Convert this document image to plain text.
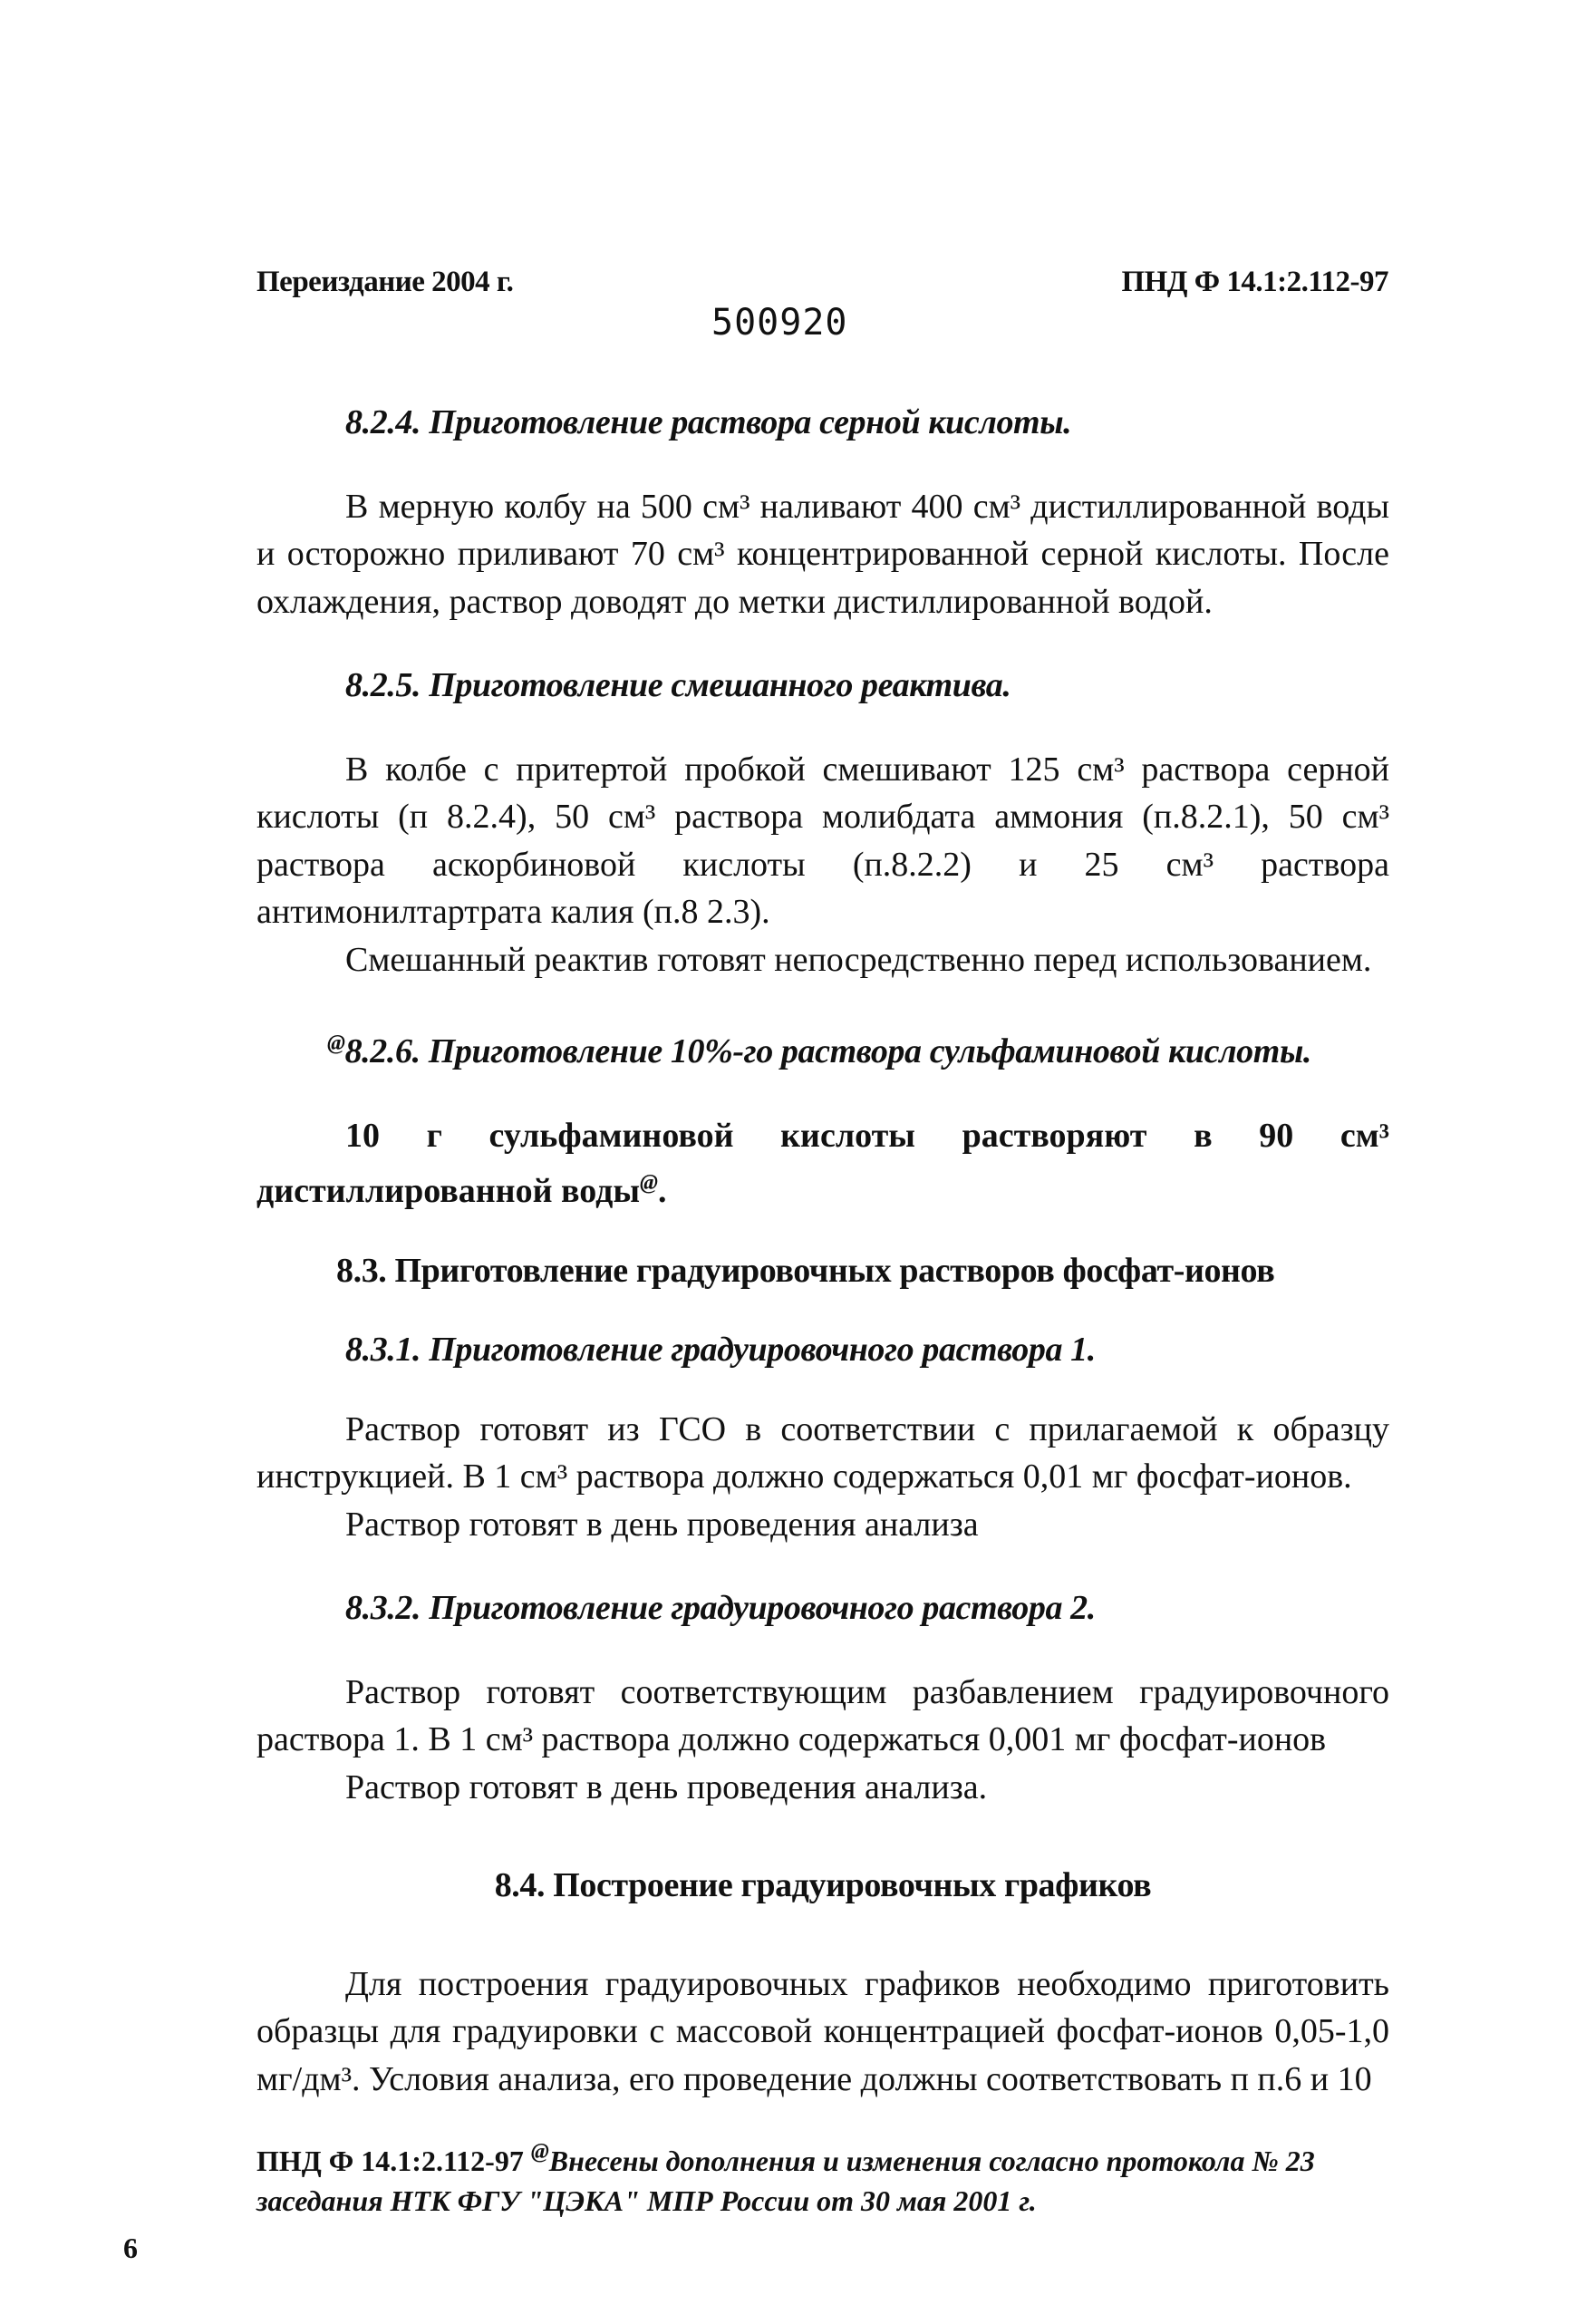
Переиздание 2004 г.	ПНД Ф 14.1:2.112-97
500920

8.2.4. Приготовление раствора серной кислоты.

В мерную колбу на 500 см³ наливают 400 см³ дистиллированной воды и осторожно приливают 70 см³ концентрированной серной кислоты. После охлаждения, раствор доводят до метки дистиллированной водой.

8.2.5. Приготовление смешанного реактива.

В колбе с притертой пробкой смешивают 125 см³ раствора серной кислоты (п 8.2.4), 50 см³ раствора молибдата аммония (п.8.2.1), 50 см³ раствора аскорбиновой кислоты (п.8.2.2) и 25 см³ раствора антимонилтартрата калия (п.8 2.3).

Смешанный реактив готовят непосредственно перед использованием.

@8.2.6. Приготовление 10%-го раствора сульфаминовой кислоты.

10 г сульфаминовой кислоты растворяют в 90 см³ дистиллированной воды@.

8.3. Приготовление градуировочных растворов фосфат-ионов

8.3.1. Приготовление градуировочного раствора 1.

Раствор готовят из ГСО в соответствии с прилагаемой к образцу инструкцией. В 1 см³ раствора должно содержаться 0,01 мг фосфат-ионов.

Раствор готовят в день проведения анализа

8.3.2. Приготовление градуировочного раствора 2.

Раствор готовят соответствующим разбавлением градуировочного раствора 1. В 1 см³ раствора должно содержаться 0,001 мг фосфат-ионов

Раствор готовят в день проведения анализа.

8.4. Построение градуировочных графиков

Для построения градуировочных графиков необходимо приготовить образцы для градуировки с массовой концентрацией фосфат-ионов 0,05-1,0 мг/дм³. Условия анализа, его проведение должны соответствовать п п.6 и 10

ПНД Ф 14.1:2.112-97 @Внесены дополнения и изменения согласно протокола № 23 заседания НТК ФГУ "ЦЭКА" МПР России от 30 мая 2001 г.
6
